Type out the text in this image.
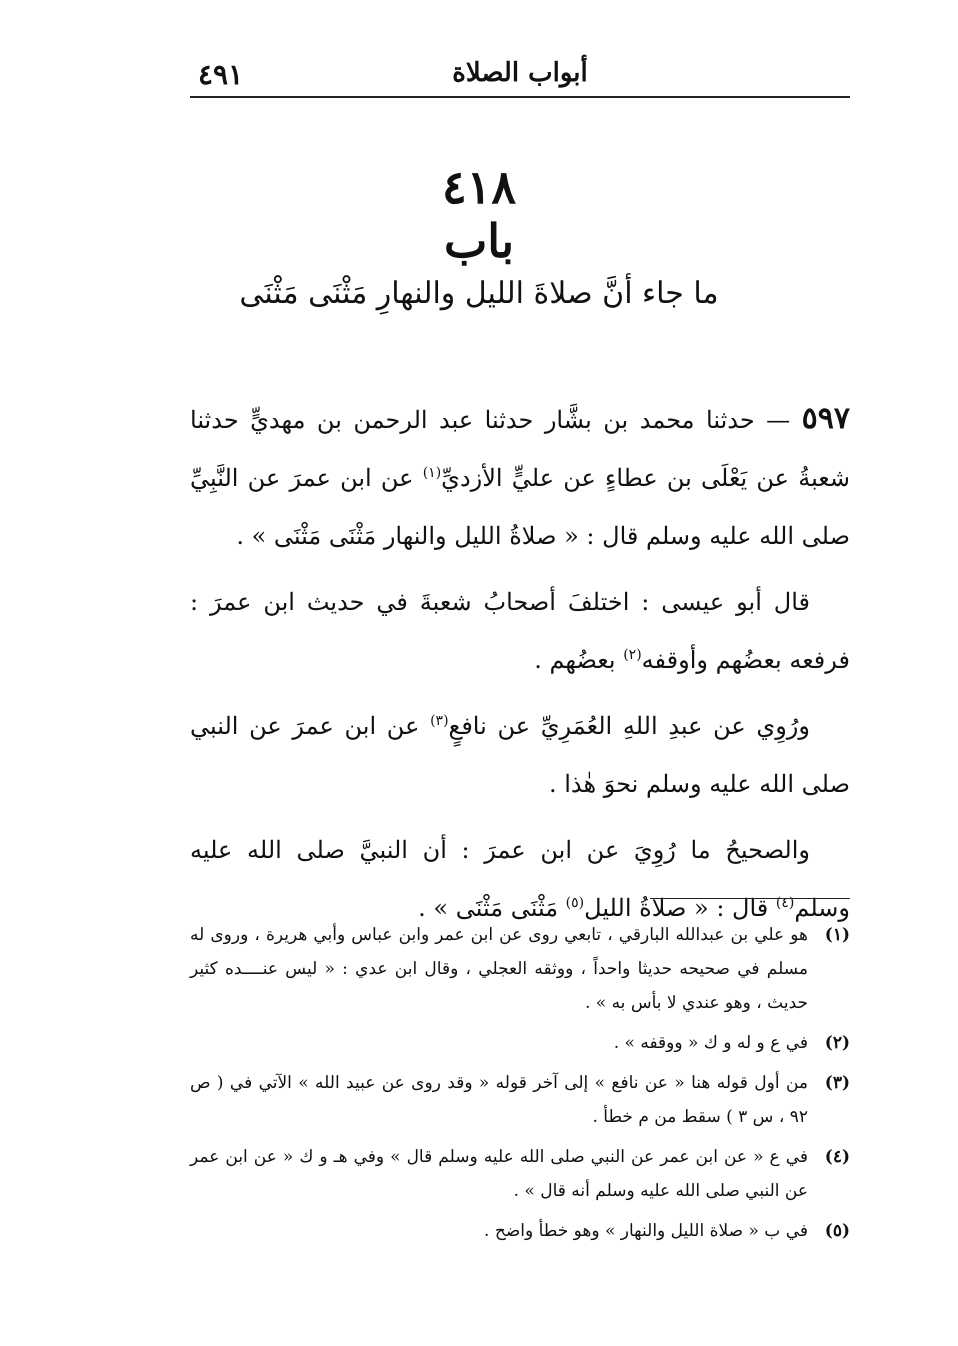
٤٩١	أبواب الصلاة
٤١٨
باب
ما جاء أنَّ صلاةَ الليل والنهارِ مَثْنَى مَثْنَى

٥٩٧ — حدثنا محمد بن بشَّار حدثنا عبد الرحمن بن مهديٍّ حدثنا شعبةُ عن يَعْلَى بن عطاءٍ عن عليٍّ الأزديِّ$^{(١)}$ عن ابن عمرَ عن النَّبِيِّ صلى الله عليه وسلم قال : « صلاةُ الليل والنهار مَثْنَى مَثْنَى » .

قال أبو عيسى : اختلفَ أصحابُ شعبةَ في حديث ابن عمرَ : فرفعه بعضُهم وأوقفه$^{(٢)}$ بعضُهم .

ورُوِي عن عبدِ اللهِ العُمَرِيِّ عن نافعٍ$^{(٣)}$ عن ابن عمرَ عن النبي صلى الله عليه وسلم نحوَ هٰذا .

والصحيحُ ما رُوِيَ عن ابن عمرَ : أن النبيَّ صلى الله عليه وسلم$^{(٤)}$ قال : « صلاةُ الليل$^{(٥)}$ مَثْنَى مَثْنَى » .

(١)
هو علي بن عبدالله البارقي ، تابعي روى عن ابن عمر وابن عباس وأبي هريرة ، وروى له مسلم في صحيحه حديثا واحداً ، ووثقه العجلي ، وقال ابن عدي : « ليس عنــــده كثير حديث ، وهو عندي لا بأس به » .
(٢)
في ع و له و ك « ووقفه » .
(٣)
من أول قوله هنا « عن نافع » إلى آخر قوله « وقد روى عن عبيد الله » الآتي في ( ص ٩٢ ، س ٣ ) سقط من م خطأ .
(٤)
في ع « عن ابن عمر عن النبي صلى الله عليه وسلم قال » وفي هـ و ك « عن ابن عمر عن النبي صلى الله عليه وسلم أنه قال » .
(٥)
في ب « صلاة الليل والنهار » وهو خطأ واضح .
